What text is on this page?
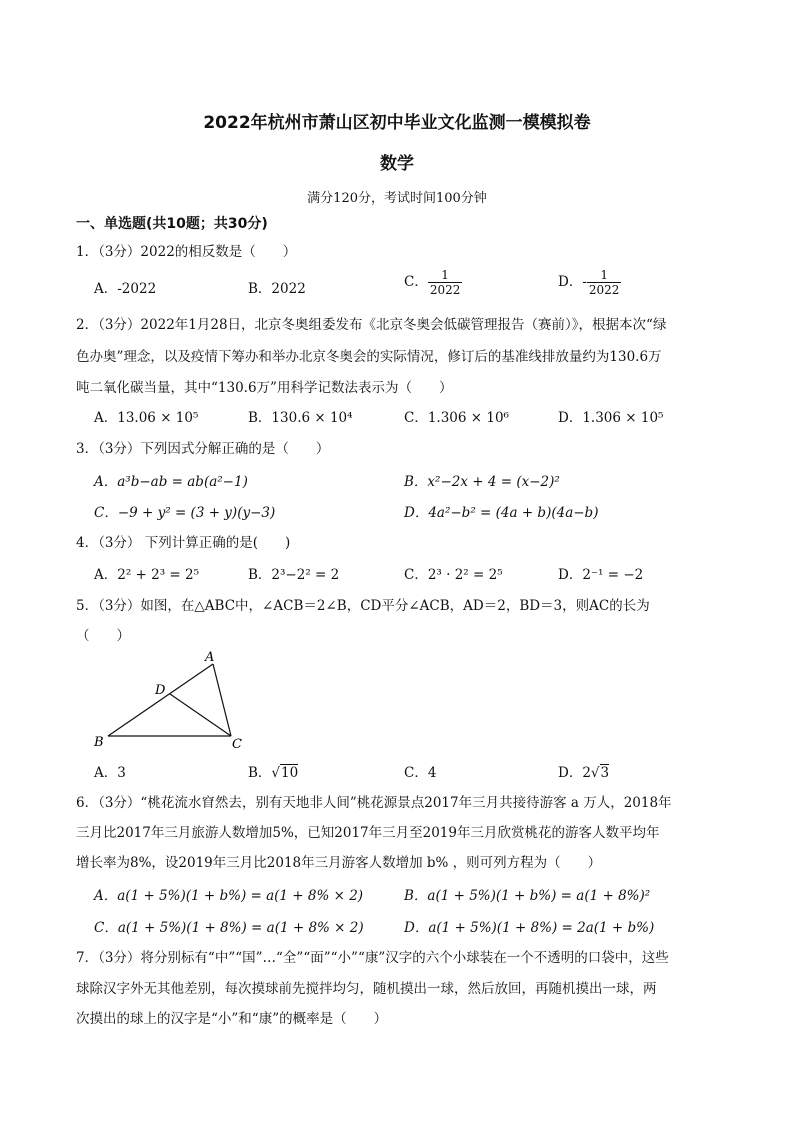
2022年杭州市萧山区初中毕业文化监测一模模拟卷
数学
满分120分，考试时间100分钟
一、单选题(共10题；共30分)
1．（3分）2022的相反数是（　　）
A．-2022	B．2022	C． $\frac{1}{2022}$	D．- $\frac{1}{2022}$
2．（3分）2022年1月28日，北京冬奥组委发布《北京冬奥会低碳管理报告（赛前）》，根据本次“绿
色办奥”理念，以及疫情下筹办和举办北京冬奥会的实际情况，修订后的基准线排放量约为130.6万
吨二氧化碳当量，其中“130.6万”用科学记数法表示为（　　）
A．13.06 × 10⁵	B．130.6 × 10⁴	C．1.306 × 10⁶	D．1.306 × 10⁵
3．（3分）下列因式分解正确的是（　　）
A．a³b−ab = ab(a²−1)	B．x²−2x + 4 = (x−2)²
C．−9 + y² = (3 + y)(y−3)	D．4a²−b² = (4a + b)(4a−b)
4．（3分） 下列计算正确的是(　　)
A．2² + 2³ = 2⁵	B．2³−2² = 2	C．2³ · 2² = 2⁵	D．2⁻¹ = −2
5．（3分）如图，在△ABC中，∠ACB＝2∠B，CD平分∠ACB，AD＝2，BD＝3，则AC的长为
（　　）
A
D
B	C
A．3	B．√10	C．4	D．2√3
6．（3分）“桃花流水窅然去，别有天地非人间”桃花源景点2017年三月共接待游客 a 万人，2018年
三月比2017年三月旅游人数增加5%，已知2017年三月至2019年三月欣赏桃花的游客人数平均年
增长率为8%，设2019年三月比2018年三月游客人数增加 b% ，则可列方程为（　　）
A．a(1 + 5%)(1 + b%) = a(1 + 8% × 2)	B．a(1 + 5%)(1 + b%) = a(1 + 8%)²
C．a(1 + 5%)(1 + 8%) = a(1 + 8% × 2)	D．a(1 + 5%)(1 + 8%) = 2a(1 + b%)
7．（3分）将分别标有“中”“国”…“全”“面”“小”“康”汉字的六个小球装在一个不透明的口袋中，这些
球除汉字外无其他差别，每次摸球前先搅拌均匀，随机摸出一球，然后放回，再随机摸出一球，两
次摸出的球上的汉字是“小”和“康”的概率是（　　）
